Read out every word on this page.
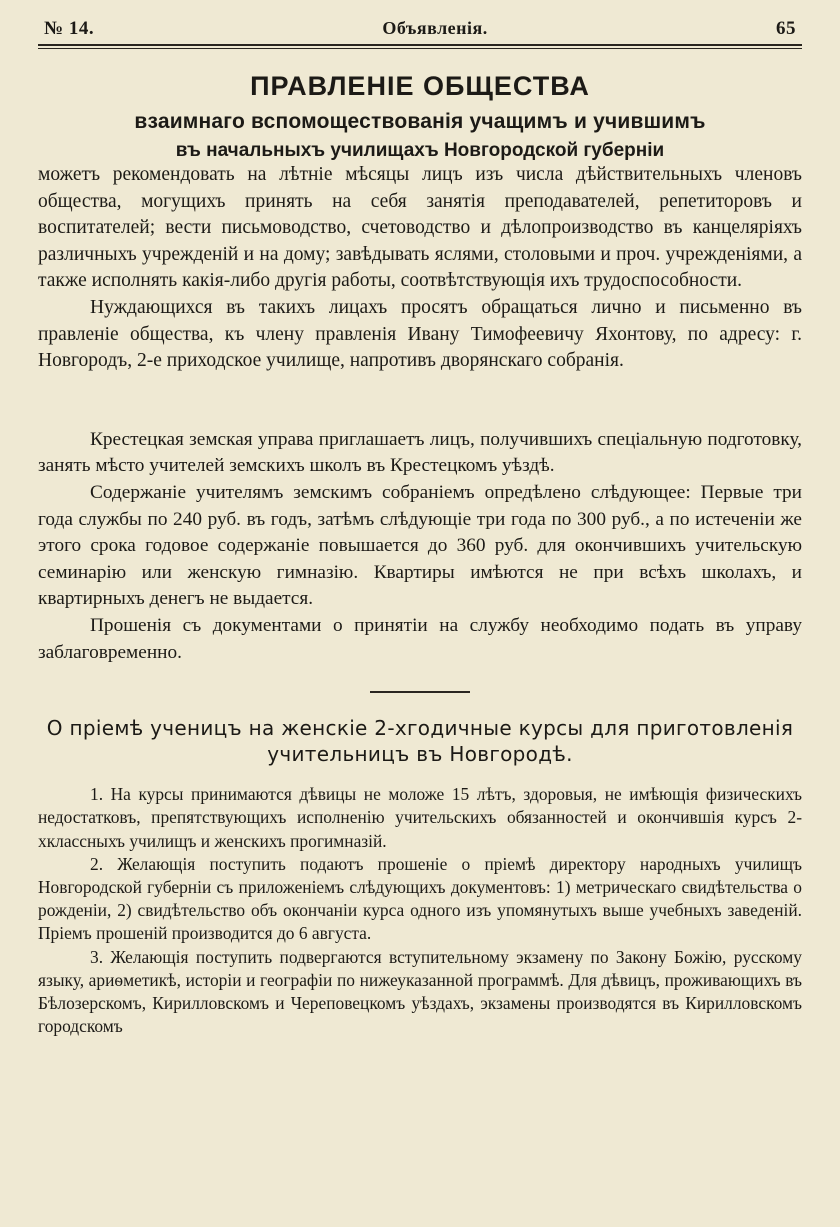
№ 14.	Объявленія.	65
ПРАВЛЕНІЕ ОБЩЕСТВА
взаимнаго вспомоществованія учащимъ и учившимъ
въ начальныхъ училищахъ Новгородской губерніи

можетъ рекомендовать на лѣтніе мѣсяцы лицъ изъ числа дѣйствительныхъ членовъ общества, могущихъ принять на себя занятія преподавателей, репетиторовъ и воспитателей; вести письмоводство, счетоводство и дѣлопроизводство въ канцеляріяхъ различныхъ учрежденій и на дому; завѣдывать яслями, столовыми и проч. учрежденіями, а также исполнять какія-либо другія работы, соотвѣтствующія ихъ трудоспособности.

Нуждающихся въ такихъ лицахъ просятъ обращаться лично и письменно въ правленіе общества, къ члену правленія Ивану Тимофеевичу Яхонтову, по адресу: г. Новгородъ, 2-е приходское училище, напротивъ дворянскаго собранія.

Крестецкая земская управа приглашаетъ лицъ, получившихъ спеціальную подготовку, занять мѣсто учителей земскихъ школъ въ Крестецкомъ уѣздѣ.

Содержаніе учителямъ земскимъ собраніемъ опредѣлено слѣдующее: Первые три года службы по 240 руб. въ годъ, затѣмъ слѣдующіе три года по 300 руб., а по истеченіи же этого срока годовое содержаніе повышается до 360 руб. для окончившихъ учительскую семинарію или женскую гимназію. Квартиры имѣются не при всѣхъ школахъ, и квартирныхъ денегъ не выдается.

Прошенія съ документами о принятіи на службу необходимо подать въ управу заблаговременно.

О пріемѣ ученицъ на женскіе 2-хгодичные курсы для приготовленія учительницъ въ Новгородѣ.

1. На курсы принимаются дѣвицы не моложе 15 лѣтъ, здоровыя, не имѣющія физическихъ недостатковъ, препятствующихъ исполненію учительскихъ обязанностей и окончившія курсъ 2-хклассныхъ училищъ и женскихъ прогимназій.

2. Желающія поступить подаютъ прошеніе о пріемѣ директору народныхъ училищъ Новгородской губерніи съ приложеніемъ слѣдующихъ документовъ: 1) метрическаго свидѣтельства о рожденіи, 2) свидѣтельство объ окончаніи курса одного изъ упомянутыхъ выше учебныхъ заведеній. Пріемъ прошеній производится до 6 августа.

3. Желающія поступить подвергаются вступительному экзамену по Закону Божію, русскому языку, ариѳметикѣ, исторіи и географіи по нижеуказанной программѣ. Для дѣвицъ, проживающихъ въ Бѣлозерскомъ, Кирилловскомъ и Череповецкомъ уѣздахъ, экзамены производятся въ Кирилловскомъ городскомъ
